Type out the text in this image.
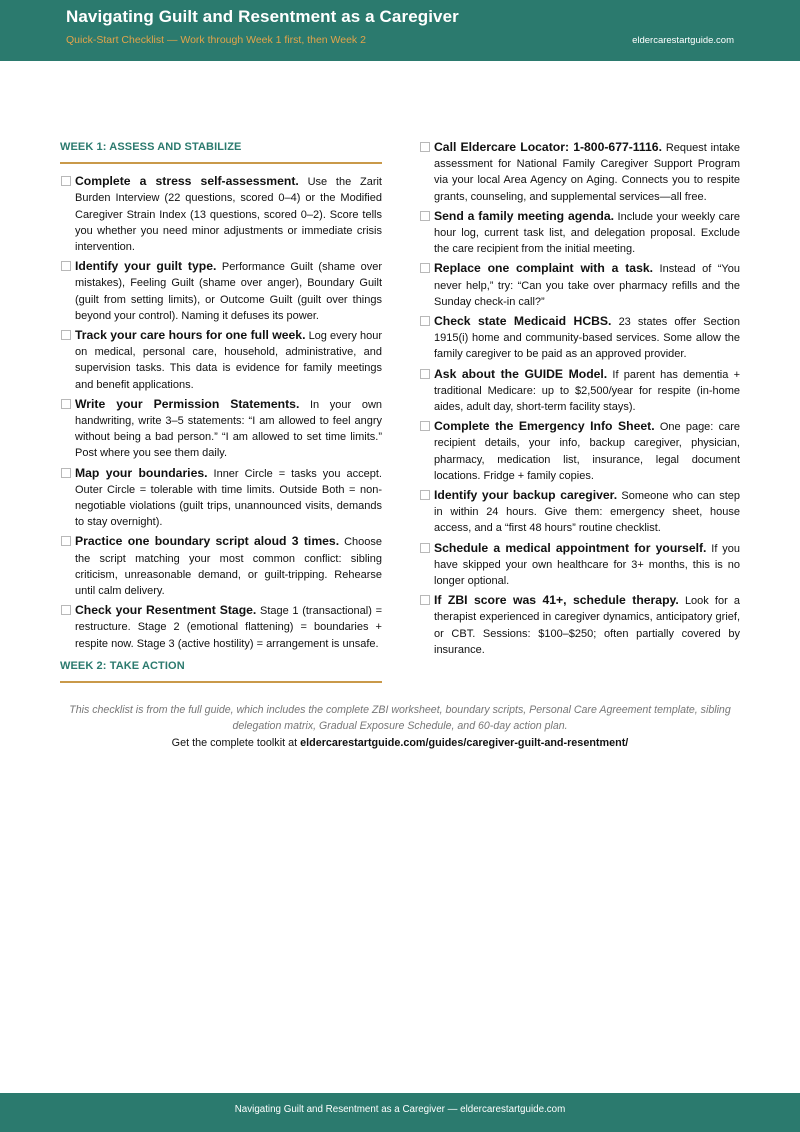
Navigating Guilt and Resentment as a Caregiver
Quick-Start Checklist — Work through Week 1 first, then Week 2	eldercarestartguide.com
WEEK 1: ASSESS AND STABILIZE
Complete a stress self-assessment. Use the Zarit Burden Interview (22 questions, scored 0–4) or the Modified Caregiver Strain Index (13 questions, scored 0–2). Score tells you whether you need minor adjustments or immediate crisis intervention.
Identify your guilt type. Performance Guilt (shame over mistakes), Feeling Guilt (shame over anger), Boundary Guilt (guilt from setting limits), or Outcome Guilt (guilt over things beyond your control). Naming it defuses its power.
Track your care hours for one full week. Log every hour on medical, personal care, household, administrative, and supervision tasks. This data is evidence for family meetings and benefit applications.
Write your Permission Statements. In your own handwriting, write 3–5 statements: “I am allowed to feel angry without being a bad person.” “I am allowed to set time limits.” Post where you see them daily.
Map your boundaries. Inner Circle = tasks you accept. Outer Circle = tolerable with time limits. Outside Both = non-negotiable violations (guilt trips, unannounced visits, demands to stay overnight).
Practice one boundary script aloud 3 times. Choose the script matching your most common conflict: sibling criticism, unreasonable demand, or guilt-tripping. Rehearse until calm delivery.
Check your Resentment Stage. Stage 1 (transactional) = restructure. Stage 2 (emotional flattening) = boundaries + respite now. Stage 3 (active hostility) = arrangement is unsafe.
WEEK 2: TAKE ACTION
Call Eldercare Locator: 1-800-677-1116. Request intake assessment for National Family Caregiver Support Program via your local Area Agency on Aging. Connects you to respite grants, counseling, and supplemental services—all free.
Send a family meeting agenda. Include your weekly care hour log, current task list, and delegation proposal. Exclude the care recipient from the initial meeting.
Replace one complaint with a task. Instead of “You never help,” try: “Can you take over pharmacy refills and the Sunday check-in call?”
Check state Medicaid HCBS. 23 states offer Section 1915(i) home and community-based services. Some allow the family caregiver to be paid as an approved provider.
Ask about the GUIDE Model. If parent has dementia + traditional Medicare: up to $2,500/year for respite (in-home aides, adult day, short-term facility stays).
Complete the Emergency Info Sheet. One page: care recipient details, your info, backup caregiver, physician, pharmacy, medication list, insurance, legal document locations. Fridge + family copies.
Identify your backup caregiver. Someone who can step in within 24 hours. Give them: emergency sheet, house access, and a “first 48 hours” routine checklist.
Schedule a medical appointment for yourself. If you have skipped your own healthcare for 3+ months, this is no longer optional.
If ZBI score was 41+, schedule therapy. Look for a therapist experienced in caregiver dynamics, anticipatory grief, or CBT. Sessions: $100–$250; often partially covered by insurance.
This checklist is from the full guide, which includes the complete ZBI worksheet, boundary scripts, Personal Care Agreement template, sibling delegation matrix, Gradual Exposure Schedule, and 60-day action plan.
Get the complete toolkit at eldercarestartguide.com/guides/caregiver-guilt-and-resentment/
Navigating Guilt and Resentment as a Caregiver — eldercarestartguide.com
